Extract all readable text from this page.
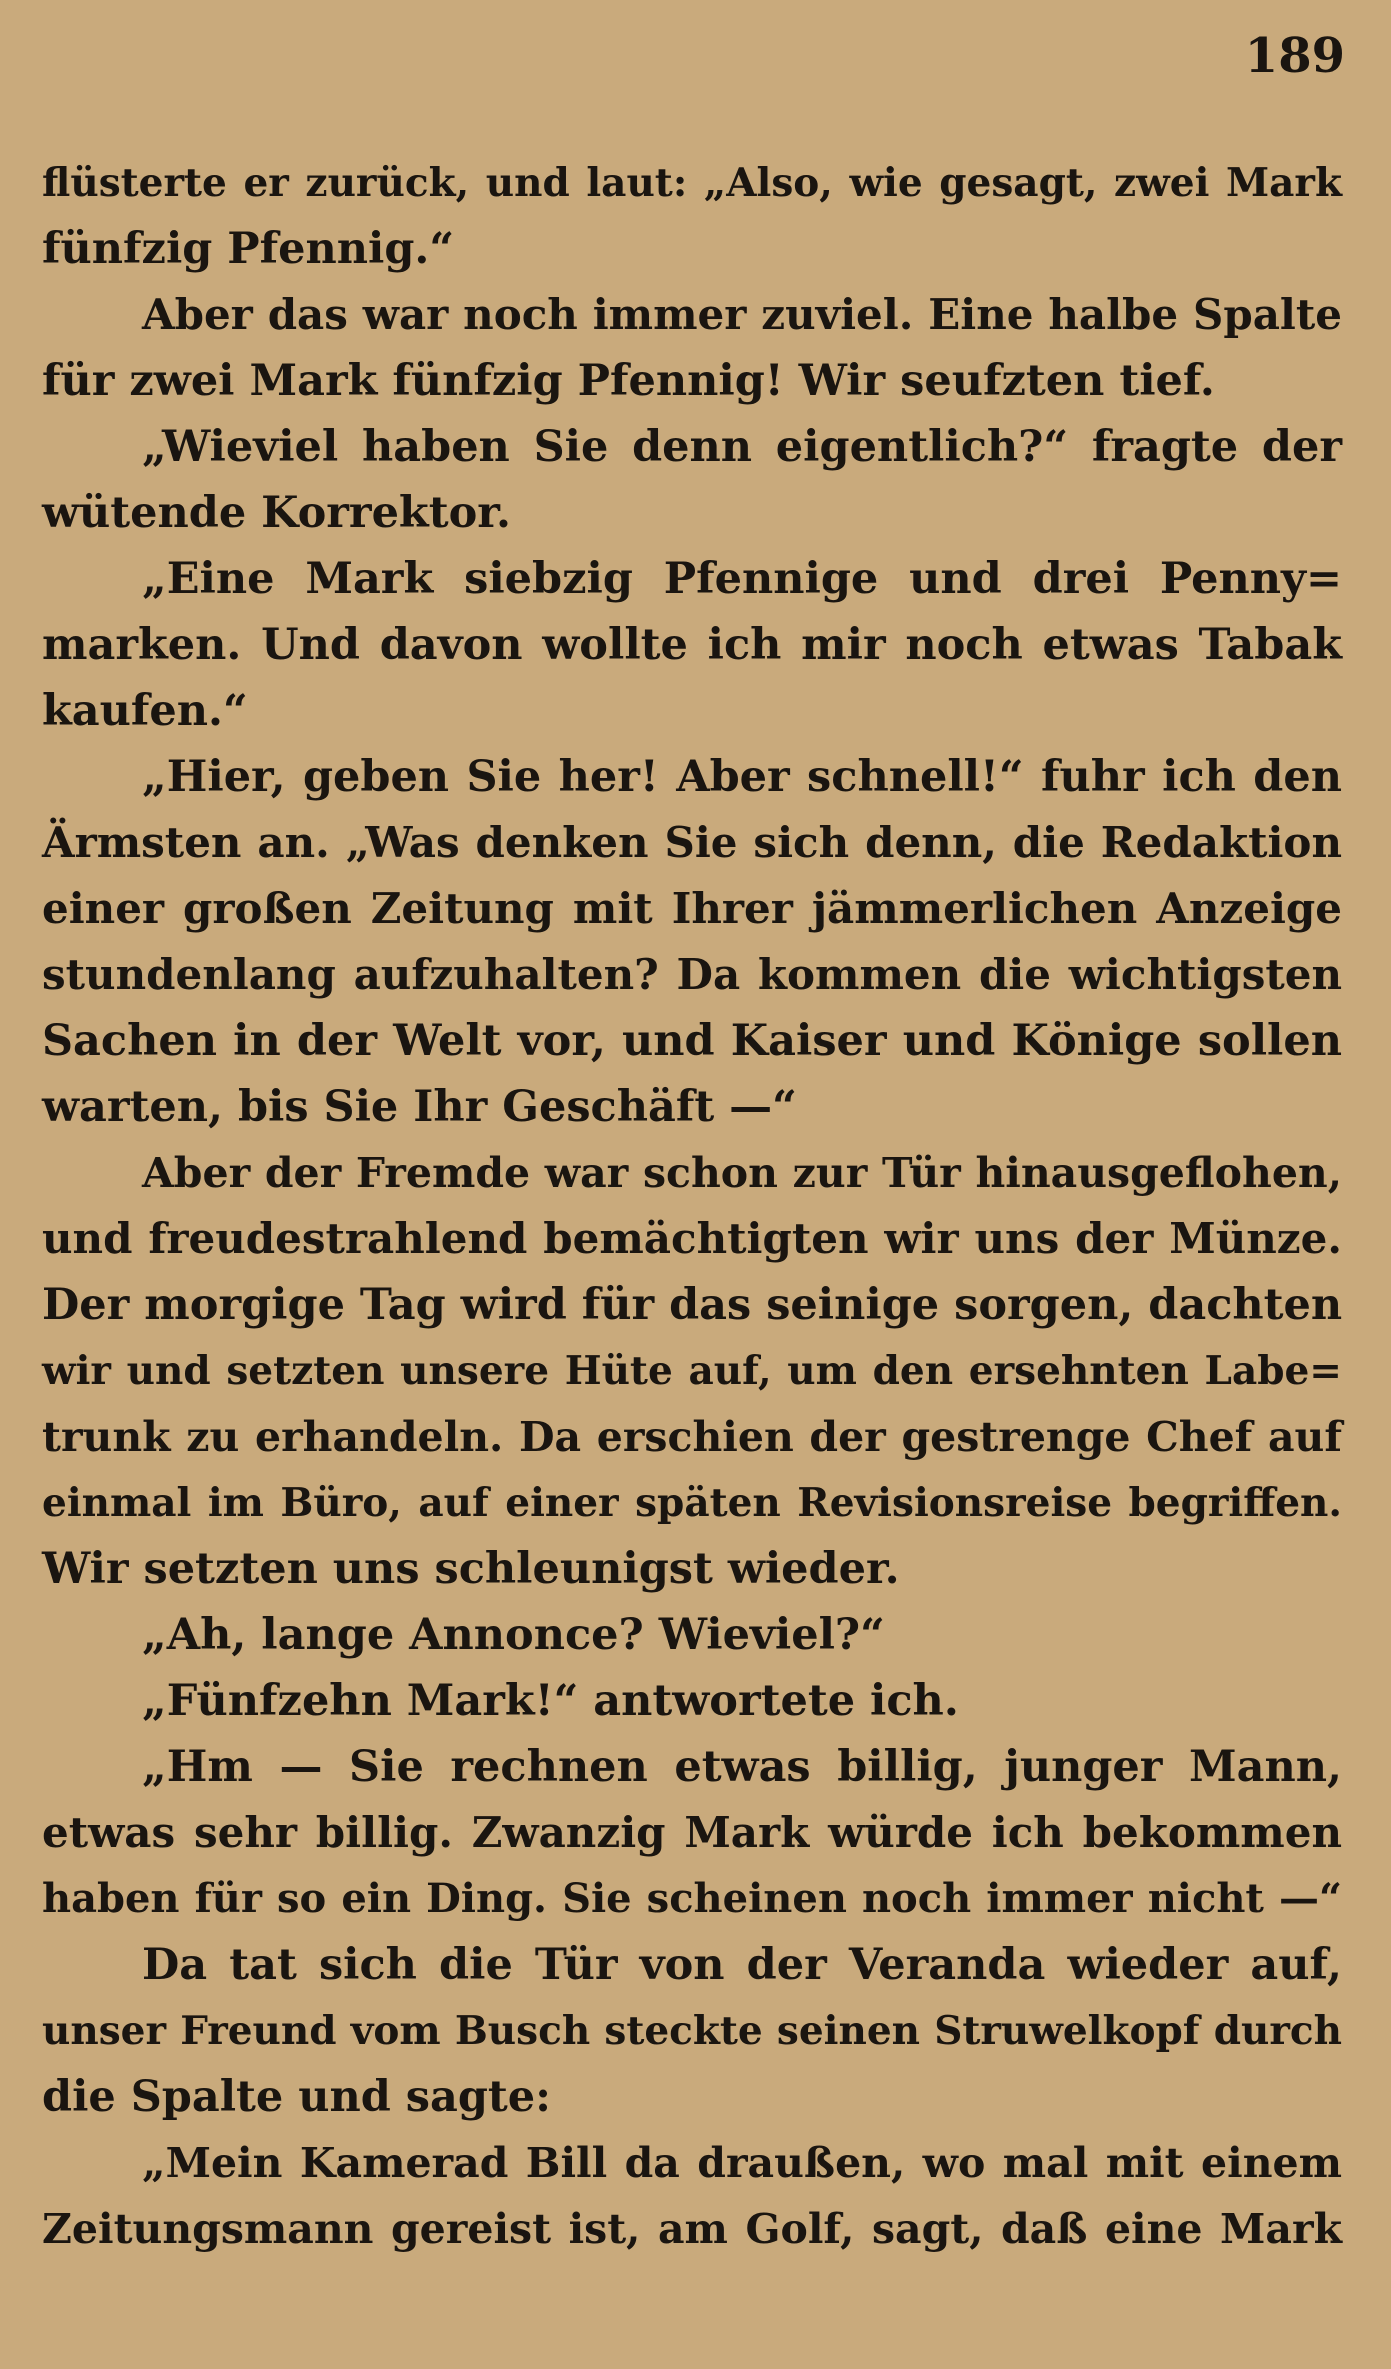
189
flüsterte er zurück, und laut: „Also, wie gesagt, zwei Mark
fünfzig Pfennig.“
Aber das war noch immer zuviel. Eine halbe Spalte
für zwei Mark fünfzig Pfennig! Wir seufzten tief.
„Wieviel haben Sie denn eigentlich?“ fragte der
wütende Korrektor.
„Eine Mark siebzig Pfennige und drei Penny=
marken. Und davon wollte ich mir noch etwas Tabak
kaufen.“
„Hier, geben Sie her! Aber schnell!“ fuhr ich den
Ärmsten an. „Was denken Sie sich denn, die Redaktion
einer großen Zeitung mit Ihrer jämmerlichen Anzeige
stundenlang aufzuhalten? Da kommen die wichtigsten
Sachen in der Welt vor, und Kaiser und Könige sollen
warten, bis Sie Ihr Geschäft —“
Aber der Fremde war schon zur Tür hinausgeflohen,
und freudestrahlend bemächtigten wir uns der Münze.
Der morgige Tag wird für das seinige sorgen, dachten
wir und setzten unsere Hüte auf, um den ersehnten Labe=
trunk zu erhandeln. Da erschien der gestrenge Chef auf
einmal im Büro, auf einer späten Revisionsreise begriffen.
Wir setzten uns schleunigst wieder.
„Ah, lange Annonce? Wieviel?“
„Fünfzehn Mark!“ antwortete ich.
„Hm — Sie rechnen etwas billig, junger Mann,
etwas sehr billig. Zwanzig Mark würde ich bekommen
haben für so ein Ding. Sie scheinen noch immer nicht —“
Da tat sich die Tür von der Veranda wieder auf,
unser Freund vom Busch steckte seinen Struwelkopf durch
die Spalte und sagte:
„Mein Kamerad Bill da draußen, wo mal mit einem
Zeitungsmann gereist ist, am Golf, sagt, daß eine Mark
